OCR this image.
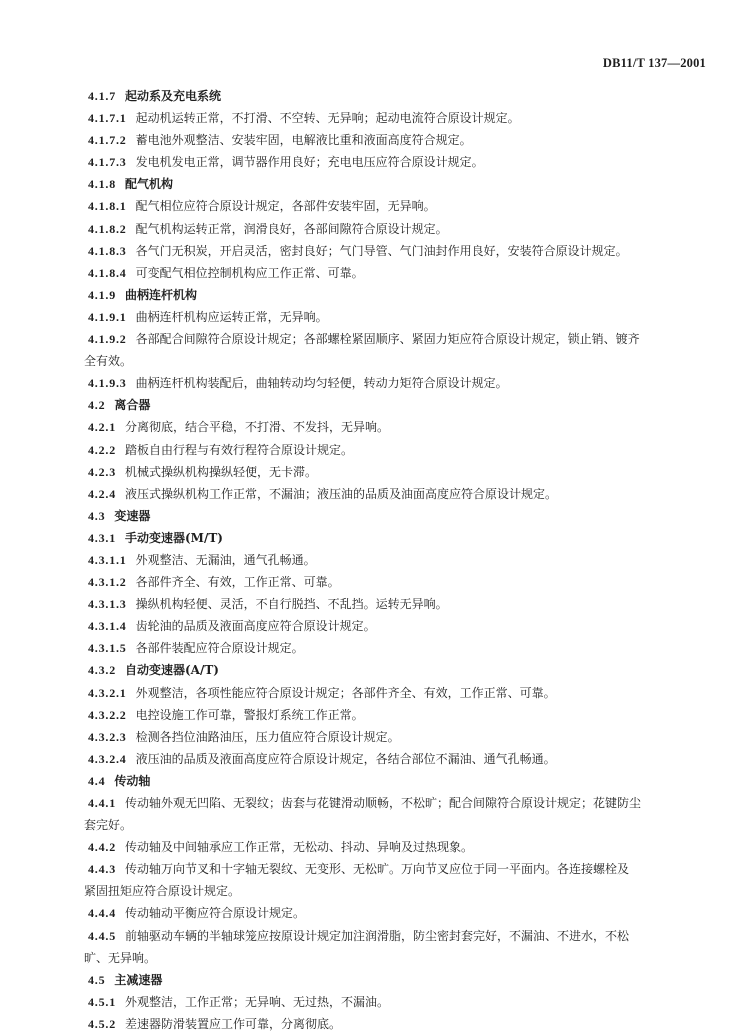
DB11/T 137—2001
4.1.7 起动系及充电系统
4.1.7.1 起动机运转正常，不打滑、不空转、无异响；起动电流符合原设计规定。
4.1.7.2 蓄电池外观整洁、安装牢固，电解液比重和液面高度符合规定。
4.1.7.3 发电机发电正常，调节器作用良好；充电电压应符合原设计规定。
4.1.8 配气机构
4.1.8.1 配气相位应符合原设计规定，各部件安装牢固，无异响。
4.1.8.2 配气机构运转正常，润滑良好，各部间隙符合原设计规定。
4.1.8.3 各气门无积炭，开启灵活，密封良好；气门导管、气门油封作用良好，安装符合原设计规定。
4.1.8.4 可变配气相位控制机构应工作正常、可靠。
4.1.9 曲柄连杆机构
4.1.9.1 曲柄连杆机构应运转正常，无异响。
4.1.9.2 各部配合间隙符合原设计规定；各部螺栓紧固顺序、紧固力矩应符合原设计规定，锁止销、镀齐
全有效。
4.1.9.3 曲柄连杆机构装配后，曲轴转动均匀轻便，转动力矩符合原设计规定。
4.2 离合器
4.2.1 分离彻底，结合平稳，不打滑、不发抖，无异响。
4.2.2 踏板自由行程与有效行程符合原设计规定。
4.2.3 机械式操纵机构操纵轻便，无卡滞。
4.2.4 液压式操纵机构工作正常，不漏油；液压油的品质及油面高度应符合原设计规定。
4.3 变速器
4.3.1 手动变速器(M/T)
4.3.1.1 外观整洁、无漏油，通气孔畅通。
4.3.1.2 各部件齐全、有效，工作正常、可靠。
4.3.1.3 操纵机构轻便、灵活，不自行脱挡、不乱挡。运转无异响。
4.3.1.4 齿轮油的品质及液面高度应符合原设计规定。
4.3.1.5 各部件装配应符合原设计规定。
4.3.2 自动变速器(A/T)
4.3.2.1 外观整洁，各项性能应符合原设计规定；各部件齐全、有效，工作正常、可靠。
4.3.2.2 电控设施工作可靠，警报灯系统工作正常。
4.3.2.3 检测各挡位油路油压，压力值应符合原设计规定。
4.3.2.4 液压油的品质及液面高度应符合原设计规定，各结合部位不漏油、通气孔畅通。
4.4 传动轴
4.4.1 传动轴外观无凹陷、无裂纹；齿套与花键滑动顺畅，不松旷；配合间隙符合原设计规定；花键防尘
套完好。
4.4.2 传动轴及中间轴承应工作正常，无松动、抖动、异响及过热现象。
4.4.3 传动轴万向节叉和十字轴无裂纹、无变形、无松旷。万向节叉应位于同一平面内。各连接螺栓及
紧固扭矩应符合原设计规定。
4.4.4 传动轴动平衡应符合原设计规定。
4.4.5 前轴驱动车辆的半轴球笼应按原设计规定加注润滑脂，防尘密封套完好，不漏油、不进水，不松
旷、无异响。
4.5 主减速器
4.5.1 外观整洁，工作正常；无异响、无过热，不漏油。
4.5.2 差速器防滑装置应工作可靠，分离彻底。
